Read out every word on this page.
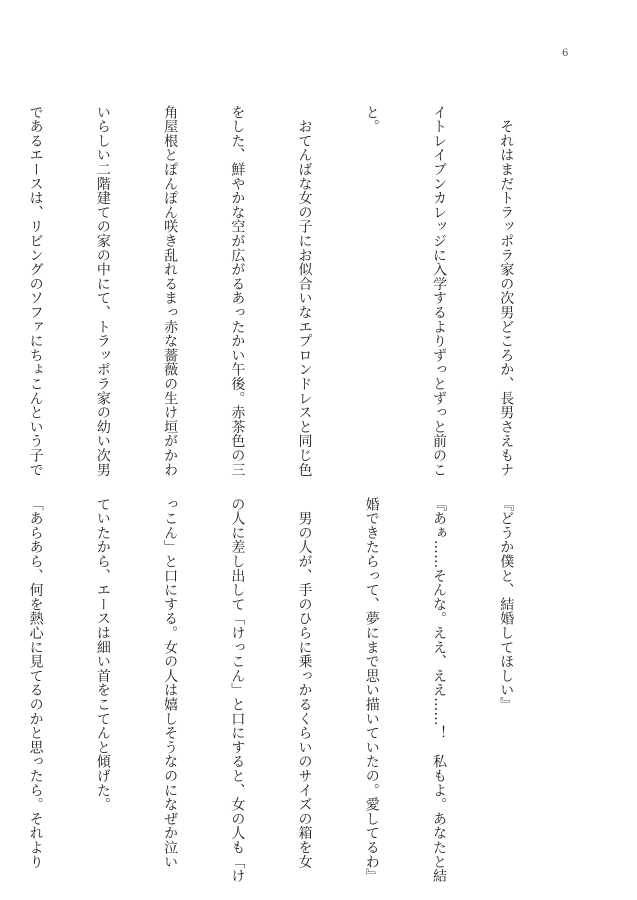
6

　それはまだトラッポラ家の次男どころか、長男さえもナ

イトレイブンカレッジに入学するよりずっとずっと前のこ

と。

　おてんばな女の子にお似合いなエプロンドレスと同じ色

をした、鮮やかな空が広がるあったかい午後。赤茶色の三

角屋根とぽんぽん咲き乱れるまっ赤な薔薇の生け垣がかわ

いらしい二階建ての家の中にて、トラッポラ家の幼い次男

であるエースは、リビングのソファにちょこんという子で

『どうか僕と、結婚してほしい』

『あぁ……そんな。ええ、ええ……！　私もよ。あなたと結

婚できたらって、夢にまで思い描いていたの。愛してるわ』

　男の人が、手のひらに乗っかるくらいのサイズの箱を女

の人に差し出して「けっこん」と口にすると、女の人も「け

っこん」と口にする。女の人は嬉しそうなのになぜか泣い

ていたから、エースは細い首をこてんと傾げた。

「あらあら、何を熱心に見てるのかと思ったら。それより
